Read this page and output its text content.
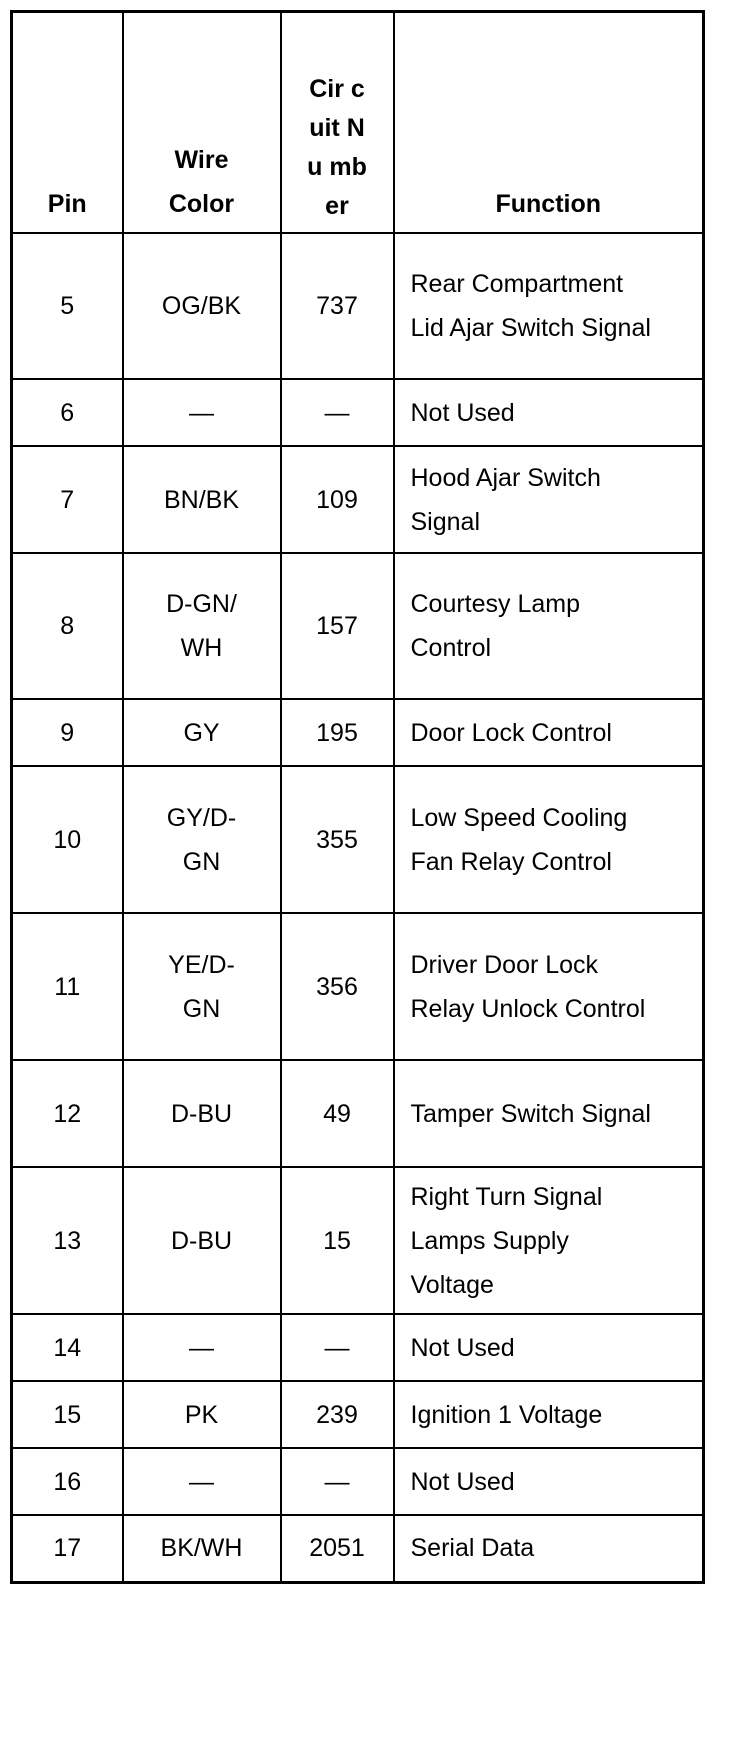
Pin	Wire Color	Cir cuit Nu mber	Function

5	OG/BK	737	Rear Compartment Lid Ajar Switch Signal

6	—	—	Not Used

7	BN/BK	109	Hood Ajar Switch Signal

8	D-GN/ WH	157	Courtesy Lamp Control

9	GY	195	Door Lock Control

10	GY/D- GN	355	Low Speed Cooling Fan Relay Control

11	YE/D- GN	356	Driver Door Lock Relay Unlock Control

12	D-BU	49	Tamper Switch Signal

13	D-BU	15	Right Turn Signal Lamps Supply Voltage

14	—	—	Not Used

15	PK	239	Ignition 1 Voltage

16	—	—	Not Used

17	BK/WH	2051	Serial Data
